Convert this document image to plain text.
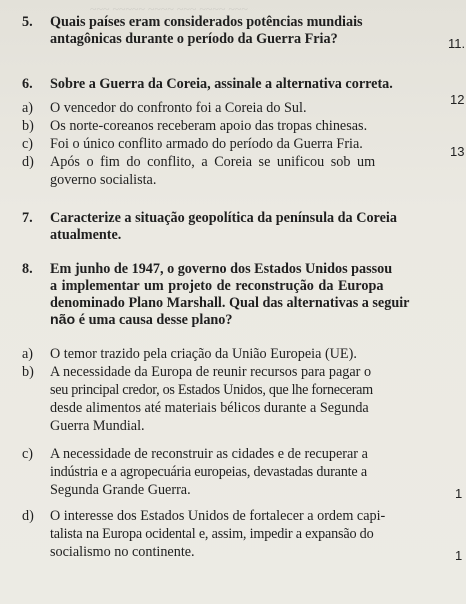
~~~ ~~~~~ ~~~~ ~~~ ~~~~ ~~~
5. Quais países eram considerados potências mundiais
antagônicas durante o período da Guerra Fria?
6. Sobre a Guerra da Coreia, assinale a alternativa correta.
a) O vencedor do confronto foi a Coreia do Sul.
b) Os norte-coreanos receberam apoio das tropas chinesas.
c) Foi o único conflito armado do período da Guerra Fria.
d) Após o fim do conflito, a Coreia se unificou sob um
governo socialista.
7. Caracterize a situação geopolítica da península da Coreia
atualmente.
8. Em junho de 1947, o governo dos Estados Unidos passou
a implementar um projeto de reconstrução da Europa
denominado Plano Marshall. Qual das alternativas a seguir
não é uma causa desse plano?
a) O temor trazido pela criação da União Europeia (UE).
b) A necessidade da Europa de reunir recursos para pagar o
seu principal credor, os Estados Unidos, que lhe forneceram
desde alimentos até materiais bélicos durante a Segunda
Guerra Mundial.
c) A necessidade de reconstruir as cidades e de recuperar a
indústria e a agropecuária europeias, devastadas durante a
Segunda Grande Guerra.
d) O interesse dos Estados Unidos de fortalecer a ordem capi-
talista na Europa ocidental e, assim, impedir a expansão do
socialismo no continente.
11.
12
13
1
1
